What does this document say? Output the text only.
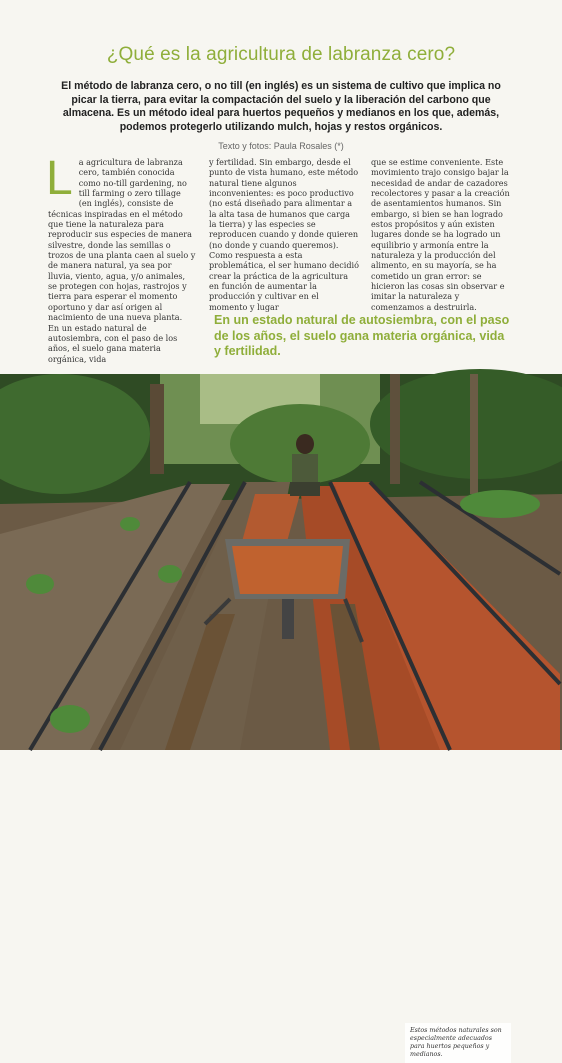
¿Qué es la agricultura de labranza cero?

El método de labranza cero, o no till (en inglés) es un sistema de cultivo que implica no picar la tierra, para evitar la compactación del suelo y la liberación del carbono que almacena. Es un método ideal para huertos pequeños y medianos en los que, además, podemos protegerlo utilizando mulch, hojas y restos orgánicos.

Texto y fotos: Paula Rosales (*)
L a agricultura de labranza cero, también conocida como no-till gardening, no till farming o zero tillage (en inglés), consiste de técnicas inspiradas en el método que tiene la naturaleza para reproducir sus especies de manera silvestre, donde las semillas o trozos de una planta caen al suelo y de manera natural, ya sea por lluvia, viento, agua, y/o animales, se protegen con hojas, rastrojos y tierra para esperar el momento oportuno y dar así origen al nacimiento de una nueva planta.

En un estado natural de autosiembra, con el paso de los años, el suelo gana materia orgánica, vida

y fertilidad. Sin embargo, desde el punto de vista humano, este método natural tiene algunos inconvenientes: es poco productivo (no está diseñado para alimentar a la alta tasa de humanos que carga la tierra) y las especies se reproducen cuando y donde quieren (no donde y cuando queremos).

Como respuesta a esta problemática, el ser humano decidió crear la práctica de la agricultura en función de aumentar la producción y cultivar en el momento y lugar

que se estime conveniente. Este movimiento trajo consigo bajar la necesidad de andar de cazadores recolectores y pasar a la creación de asentamientos humanos. Sin embargo, si bien se han logrado estos propósitos y aún existen lugares donde se ha logrado un equilibrio y armonía entre la naturaleza y la producción del alimento, en su mayoría, se ha cometido un gran error: se hicieron las cosas sin observar e imitar la naturaleza y comenzamos a destruirla.

En un estado natural de autosiembra, con el paso de los años, el suelo gana materia orgánica, vida y fertilidad.

Estos métodos naturales son especialmente adecuados para huertos pequeños y medianos.
